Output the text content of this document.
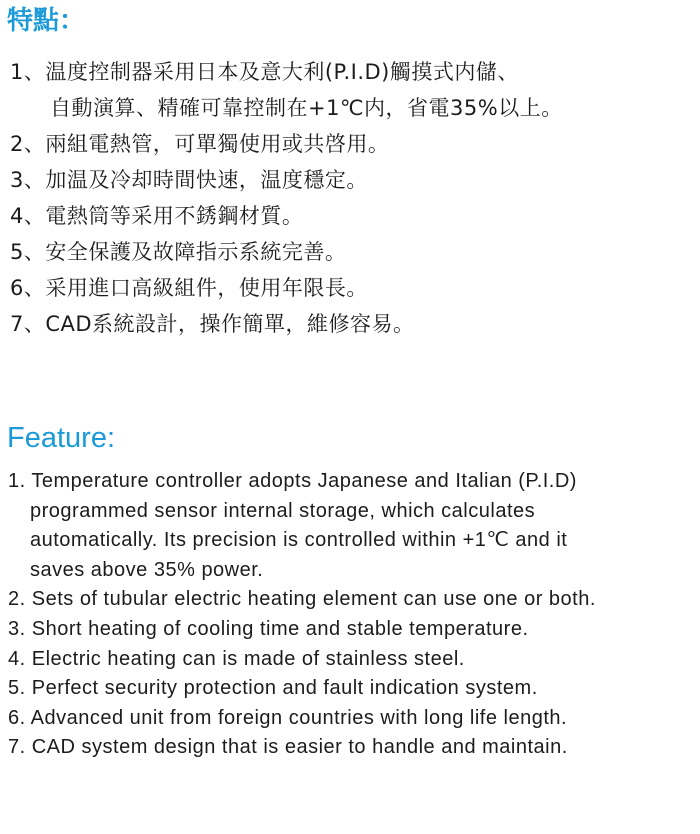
特點：
1、温度控制器采用日本及意大利(P.I.D)觸摸式内儲、
自動演算、精確可靠控制在+1℃内，省電35%以上。
2、兩組電熱管，可單獨使用或共啓用。
3、加温及冷却時間快速，温度穩定。
4、電熱筒等采用不銹鋼材質。
5、安全保護及故障指示系統完善。
6、采用進口高級組件，使用年限長。
7、CAD系統設計，操作簡單，維修容易。
Feature:
1. Temperature controller adopts Japanese and Italian (P.I.D)
programmed sensor internal storage, which calculates
automatically. Its precision is controlled within +1℃ and it
saves above 35% power.
2. Sets of tubular electric heating element can use one or both.
3. Short heating of cooling time and stable temperature.
4. Electric heating can is made of stainless steel.
5. Perfect security protection and fault indication system.
6. Advanced unit from foreign countries with long life length.
7. CAD system design that is easier to handle and maintain.
